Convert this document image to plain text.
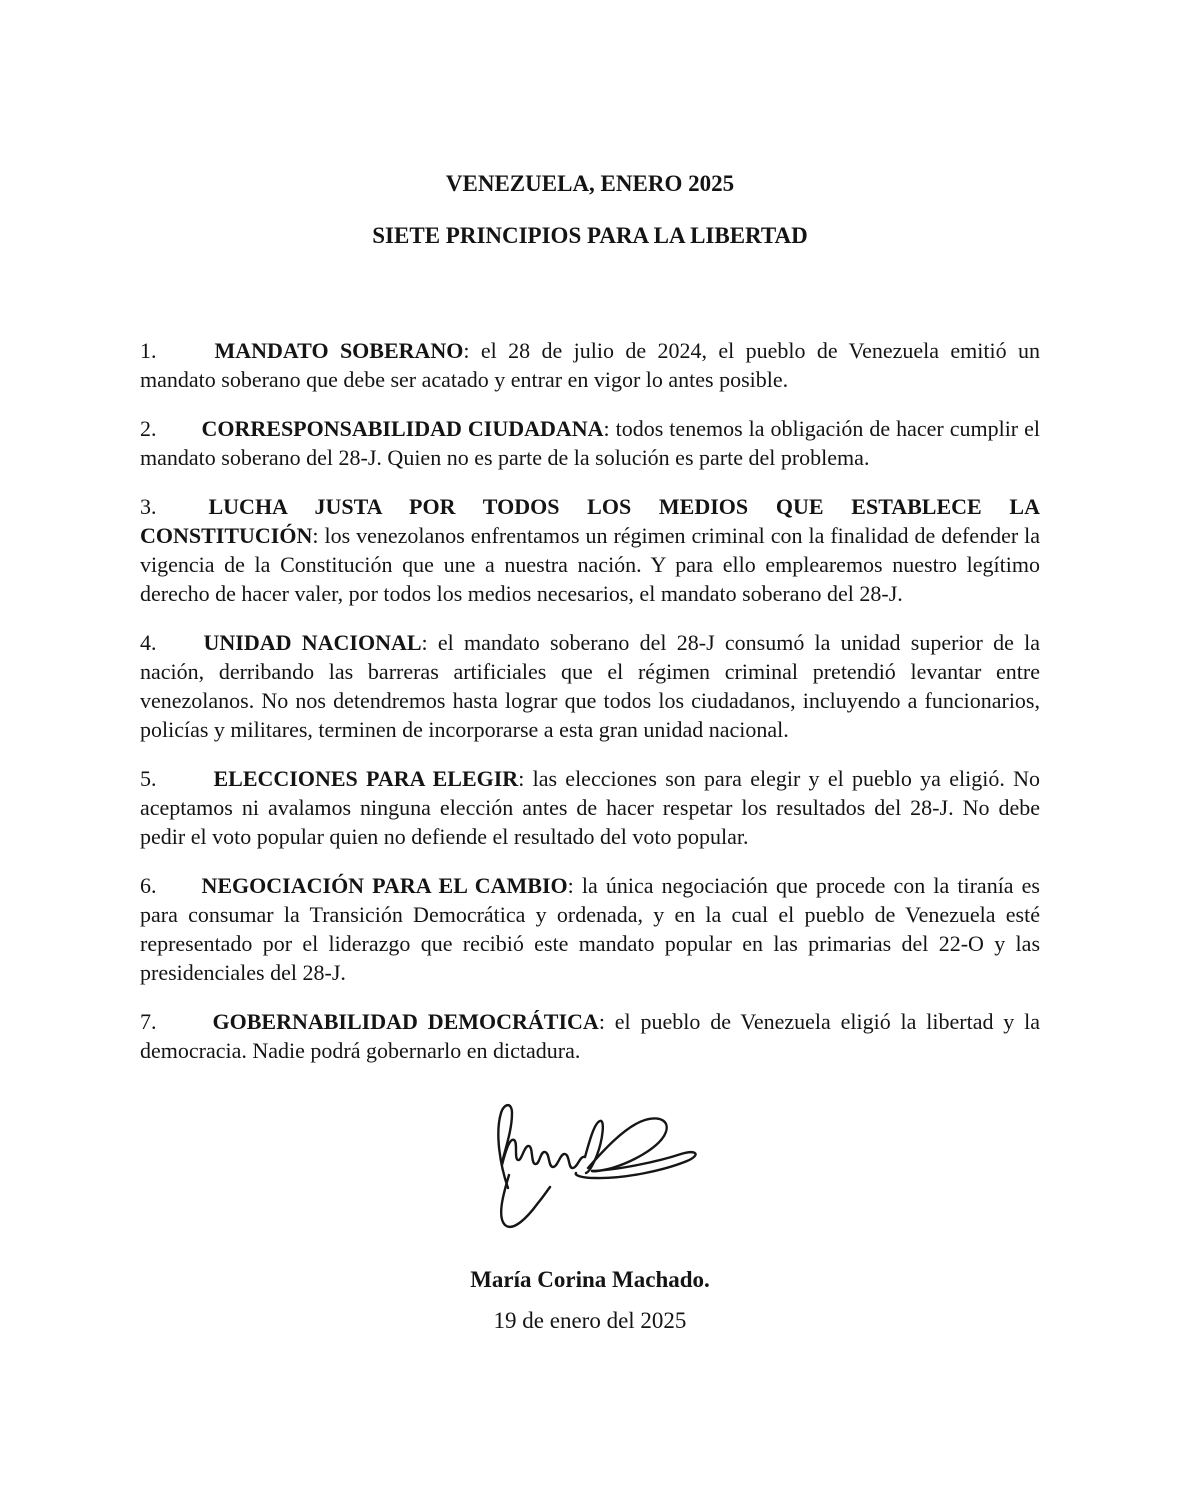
VENEZUELA, ENERO 2025
SIETE PRINCIPIOS PARA LA LIBERTAD

1.	MANDATO SOBERANO: el 28 de julio de 2024, el pueblo de Venezuela emitió un mandato soberano que debe ser acatado y entrar en vigor lo antes posible.

2. CORRESPONSABILIDAD CIUDADANA: todos tenemos la obligación de hacer cumplir el mandato soberano del 28-J. Quien no es parte de la solución es parte del problema.

3. LUCHA JUSTA POR TODOS LOS MEDIOS QUE ESTABLECE LA CONSTITUCIÓN: los venezolanos enfrentamos un régimen criminal con la finalidad de defender la vigencia de la Constitución que une a nuestra nación. Y para ello emplearemos nuestro legítimo derecho de hacer valer, por todos los medios necesarios, el mandato soberano del 28-J.

4. UNIDAD NACIONAL: el mandato soberano del 28-J consumó la unidad superior de la nación, derribando las barreras artificiales que el régimen criminal pretendió levantar entre venezolanos. No nos detendremos hasta lograr que todos los ciudadanos, incluyendo a funcionarios, policías y militares, terminen de incorporarse a esta gran unidad nacional.

5.	ELECCIONES PARA ELEGIR: las elecciones son para elegir y el pueblo ya eligió. No aceptamos ni avalamos ninguna elección antes de hacer respetar los resultados del 28-J. No debe pedir el voto popular quien no defiende el resultado del voto popular.

6. NEGOCIACIÓN PARA EL CAMBIO: la única negociación que procede con la tiranía es para consumar la Transición Democrática y ordenada, y en la cual el pueblo de Venezuela esté representado por el liderazgo que recibió este mandato popular en las primarias del 22-O y las presidenciales del 28-J.

7.	GOBERNABILIDAD DEMOCRÁTICA: el pueblo de Venezuela eligió la libertad y la democracia. Nadie podrá gobernarlo en dictadura.

María Corina Machado.
19 de enero del 2025
